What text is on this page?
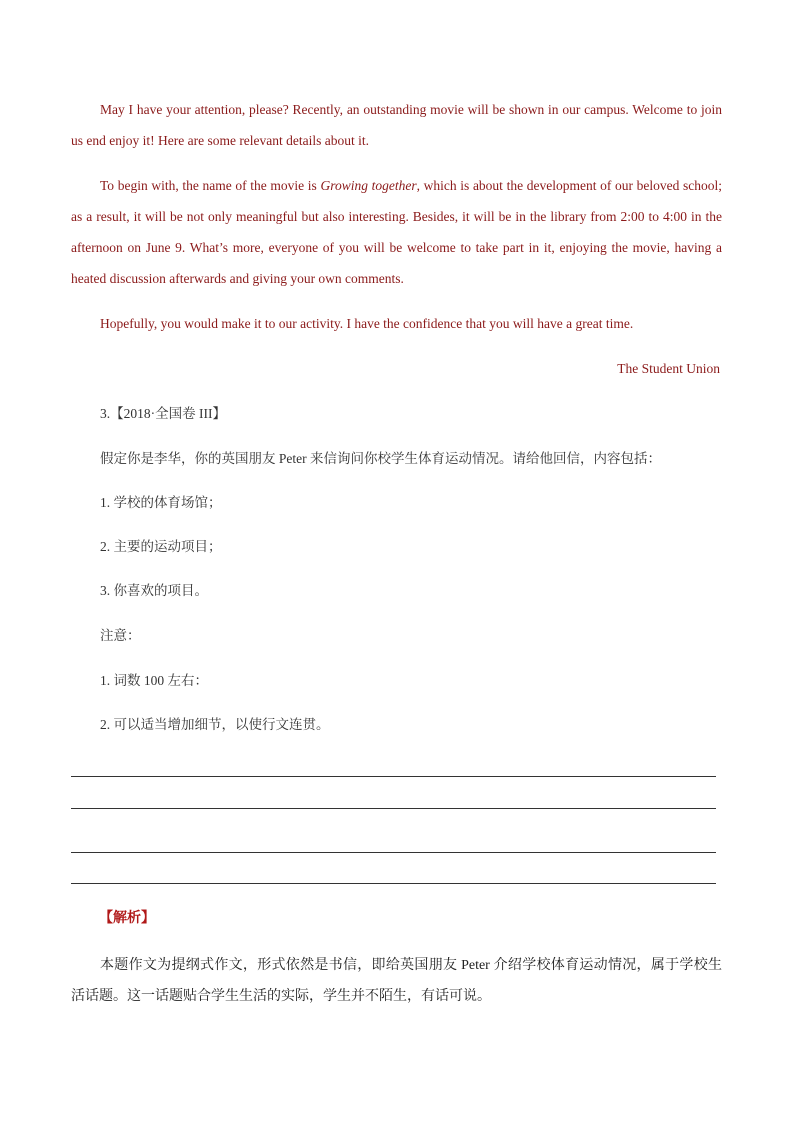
May I have your attention, please? Recently, an outstanding movie will be shown in our campus. Welcome to join us end enjoy it! Here are some relevant details about it.

To begin with, the name of the movie is Growing together, which is about the development of our beloved school; as a result, it will be not only meaningful but also interesting. Besides, it will be in the library from 2:00 to 4:00 in the afternoon on June 9. What’s more, everyone of you will be welcome to take part in it, enjoying the movie, having a heated discussion afterwards and giving your own comments.

Hopefully, you would make it to our activity. I have the confidence that you will have a great time.

The Student Union
3.【2018·全国卷 III】
假定你是李华，你的英国朋友 Peter 来信询问你校学生体育运动情况。请给他回信，内容包括：
1. 学校的体育场馆；
2. 主要的运动项目；
3. 你喜欢的项目。
注意：
1. 词数 100 左右：
2. 可以适当增加细节，以使行文连贯。
【解析】

本题作文为提纲式作文，形式依然是书信，即给英国朋友 Peter 介绍学校体育运动情况，属于学校生活话题。这一话题贴合学生生活的实际，学生并不陌生，有话可说。
